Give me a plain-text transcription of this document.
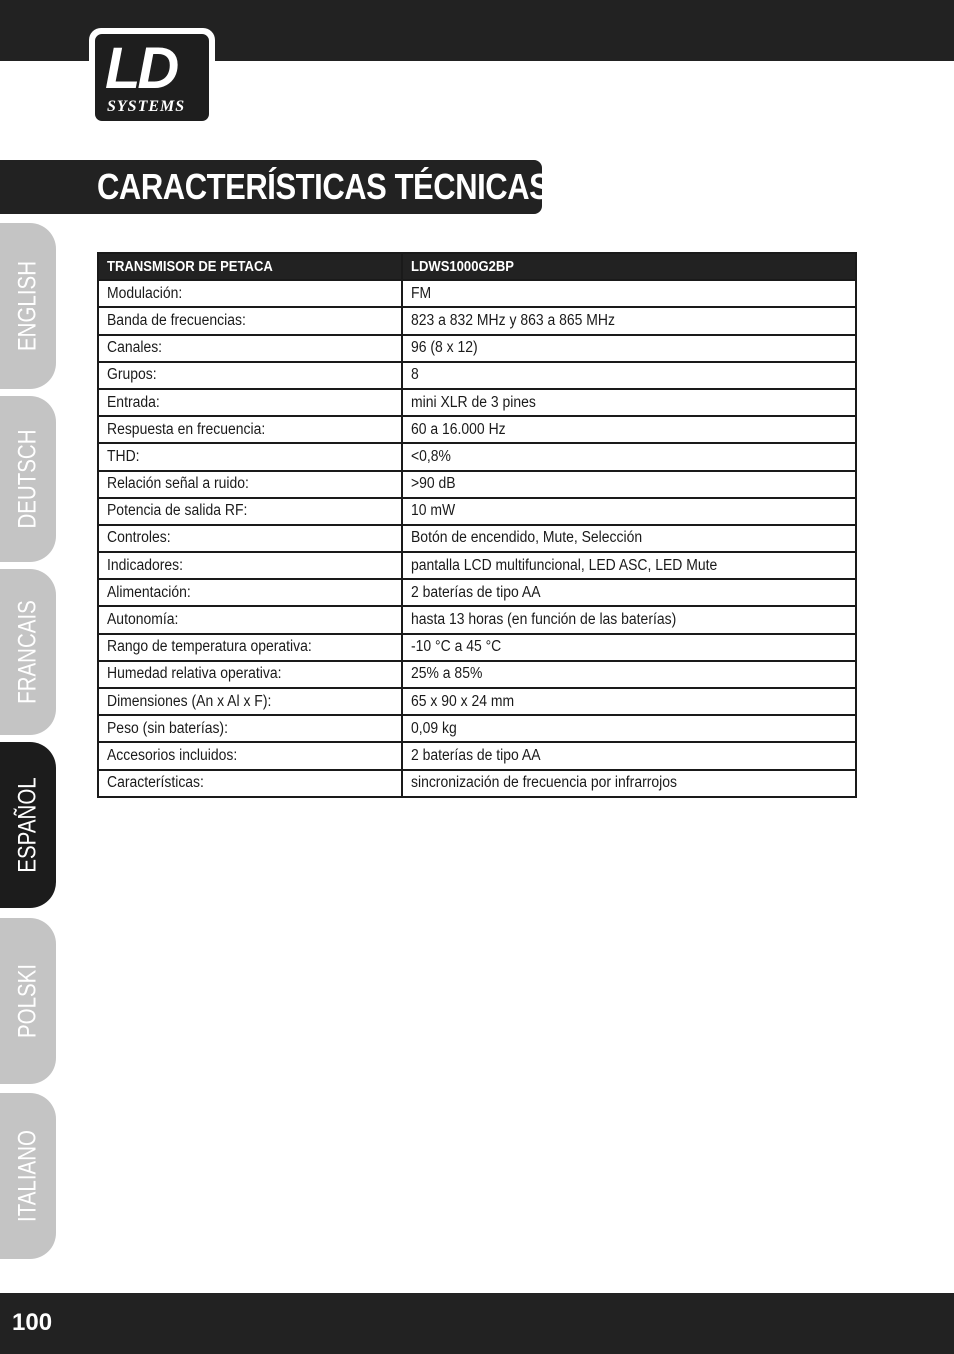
LD
SYSTEMS
CARACTERÍSTICAS TÉCNICAS:
ENGLISH
DEUTSCH
FRANCAIS
ESPAÑOL
POLSKI
ITALIANO
TRANSMISOR DE PETACA	LDWS1000G2BP
Modulación:	FM
Banda de frecuencias:	823 a 832 MHz y 863 a 865 MHz
Canales:	96 (8 x 12)
Grupos:	8
Entrada:	mini XLR de 3 pines
Respuesta en frecuencia:	60 a 16.000 Hz
THD:	<0,8%
Relación señal a ruido:	>90 dB
Potencia de salida RF:	10 mW
Controles:	Botón de encendido, Mute, Selección
Indicadores:	pantalla LCD multifuncional, LED ASC, LED Mute
Alimentación:	2 baterías de tipo AA
Autonomía:	hasta 13 horas (en función de las baterías)
Rango de temperatura operativa:	-10 °C a 45 °C
Humedad relativa operativa:	25% a 85%
Dimensiones (An x Al x F):	65 x 90 x 24 mm
Peso (sin baterías):	0,09 kg
Accesorios incluidos:	2 baterías de tipo AA
Características:	sincronización de frecuencia por infrarrojos
100
